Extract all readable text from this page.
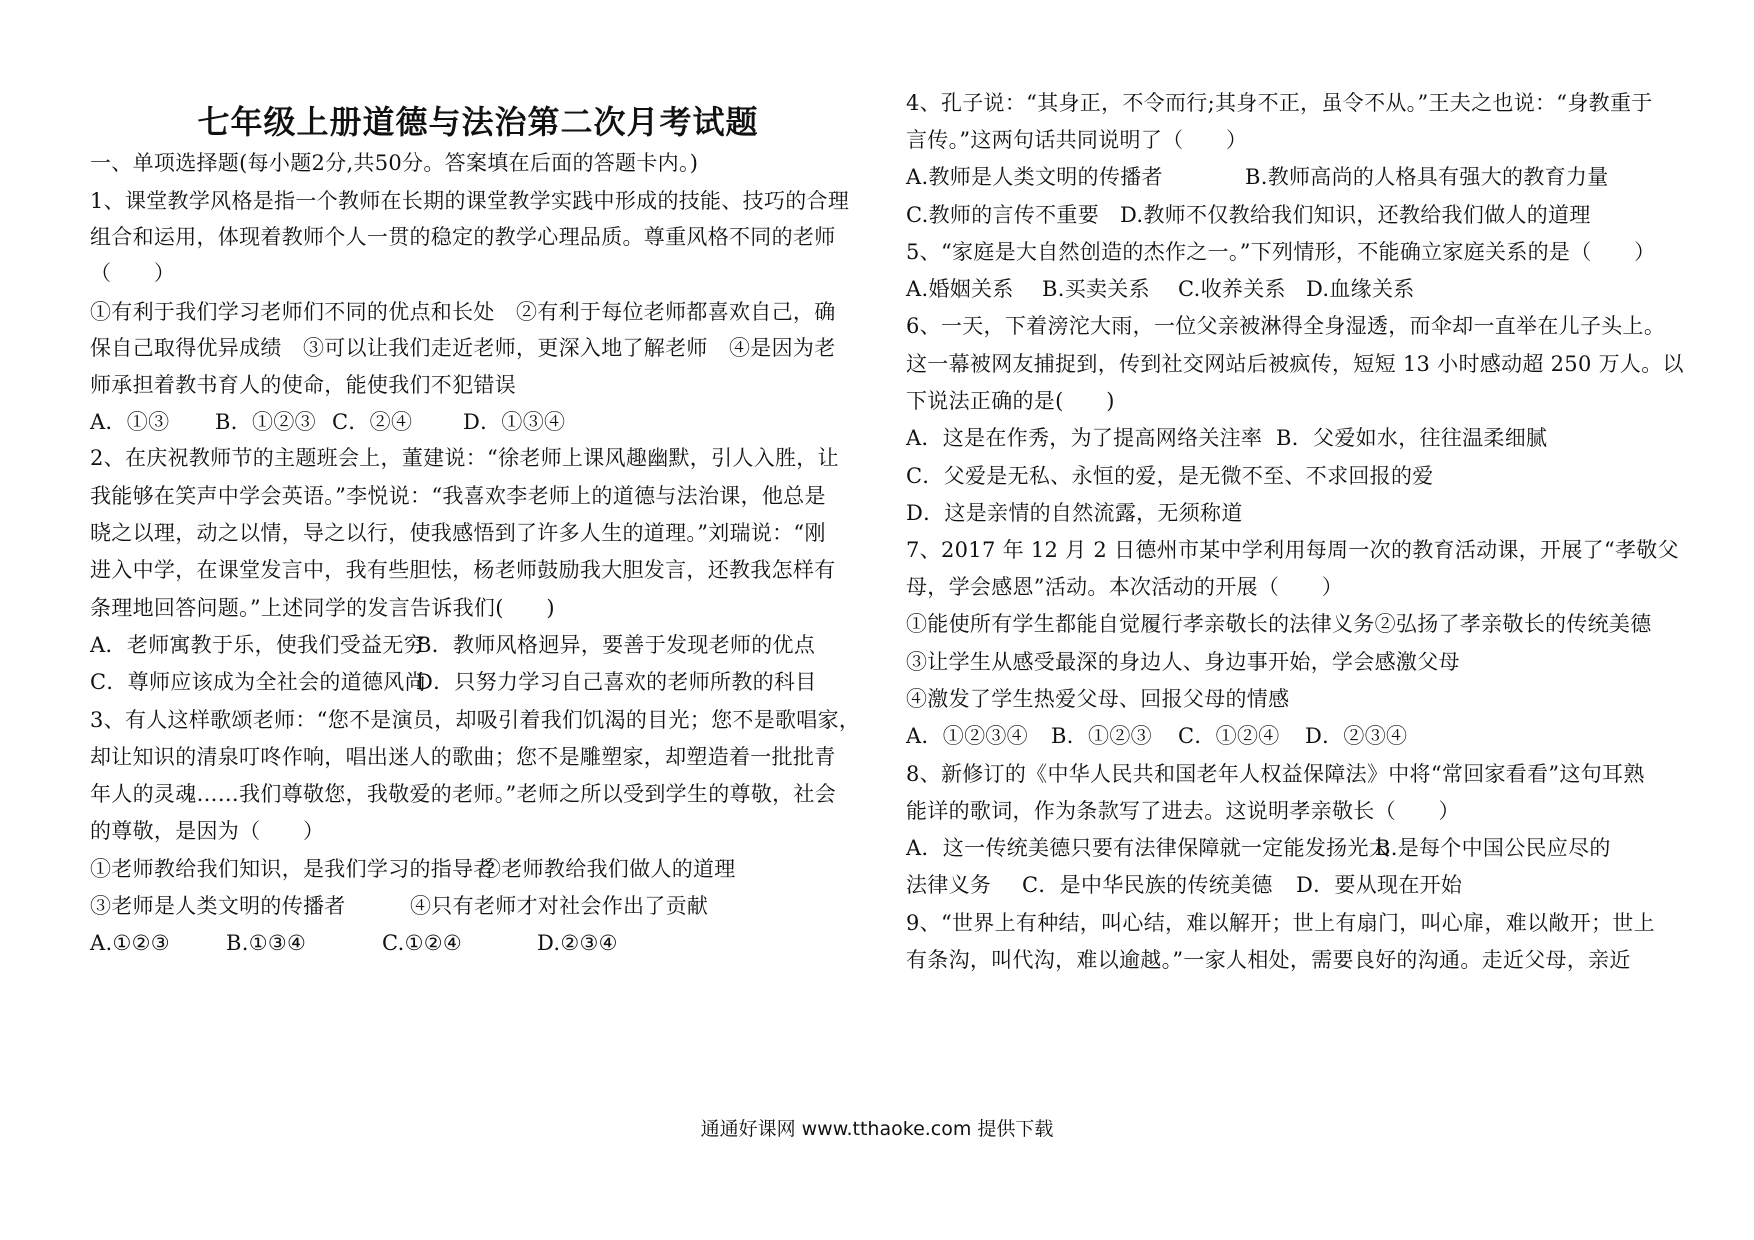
七年级上册道德与法治第二次月考试题
一、单项选择题(每小题2分,共50分。答案填在后面的答题卡内。)
1、课堂教学风格是指一个教师在长期的课堂教学实践中形成的技能、技巧的合理
组合和运用，体现着教师个人一贯的稳定的教学心理品质。尊重风格不同的老师
（　　）
①有利于我们学习老师们不同的优点和长处　②有利于每位老师都喜欢自己，确
保自己取得优异成绩　③可以让我们走近老师，更深入地了解老师　④是因为老
师承担着教书育人的使命，能使我们不犯错误
A．①③ B．①②③ C．②④ D．①③④
2、在庆祝教师节的主题班会上，董建说：“徐老师上课风趣幽默，引人入胜，让
我能够在笑声中学会英语。”李悦说：“我喜欢李老师上的道德与法治课，他总是
晓之以理，动之以情，导之以行，使我感悟到了许多人生的道理。”刘瑞说：“刚
进入中学，在课堂发言中，我有些胆怯，杨老师鼓励我大胆发言，还教我怎样有
条理地回答问题。”上述同学的发言告诉我们(　　)
A．老师寓教于乐，使我们受益无穷
B．教师风格迥异，要善于发现老师的优点
C．尊师应该成为全社会的道德风尚
D．只努力学习自己喜欢的老师所教的科目
3、有人这样歌颂老师：“您不是演员，却吸引着我们饥渴的目光；您不是歌唱家，
却让知识的清泉叮咚作响，唱出迷人的歌曲；您不是雕塑家，却塑造着一批批青
年人的灵魂……我们尊敬您，我敬爱的老师。”老师之所以受到学生的尊敬，社会
的尊敬，是因为（　　）
①老师教给我们知识，是我们学习的指导者
②老师教给我们做人的道理
③老师是人类文明的传播者	④只有老师才对社会作出了贡献
A.①②③	B.①③④	C.①②④	D.②③④
4、孔子说：“其身正，不令而行;其身不正，虽令不从。”王夫之也说：“身教重于
言传。”这两句话共同说明了（　　）
A.教师是人类文明的传播者	B.教师高尚的人格具有强大的教育力量
C.教师的言传不重要 D.教师不仅教给我们知识，还教给我们做人的道理
5、“家庭是大自然创造的杰作之一。”下列情形，不能确立家庭关系的是（　　）
A.婚姻关系 B.买卖关系 C.收养关系 D.血缘关系
6、一天，下着滂沱大雨，一位父亲被淋得全身湿透，而伞却一直举在儿子头上。
这一幕被网友捕捉到，传到社交网站后被疯传，短短 13 小时感动超 250 万人。以
下说法正确的是(　　)
A．这是在作秀，为了提高网络关注率 B．父爱如水，往往温柔细腻
C．父爱是无私、永恒的爱，是无微不至、不求回报的爱
D．这是亲情的自然流露，无须称道
7、2017 年 12 月 2 日德州市某中学利用每周一次的教育活动课，开展了“孝敬父
母，学会感恩”活动。本次活动的开展（　　）
①能使所有学生都能自觉履行孝亲敬长的法律义务②弘扬了孝亲敬长的传统美德
③让学生从感受最深的身边人、身边事开始，学会感激父母
④激发了学生热爱父母、回报父母的情感
A．①②③④ B．①②③ C．①②④ D．②③④
8、新修订的《中华人民共和国老年人权益保障法》中将“常回家看看”这句耳熟
能详的歌词，作为条款写了进去。这说明孝亲敬长（　　）
A．这一传统美德只要有法律保障就一定能发扬光大
B.是每个中国公民应尽的
法律义务 C．是中华民族的传统美德 D．要从现在开始
9、“世界上有种结，叫心结，难以解开；世上有扇门，叫心扉，难以敞开；世上
有条沟，叫代沟，难以逾越。”一家人相处，需要良好的沟通。走近父母，亲近
通通好课网 www.tthaoke.com 提供下载
